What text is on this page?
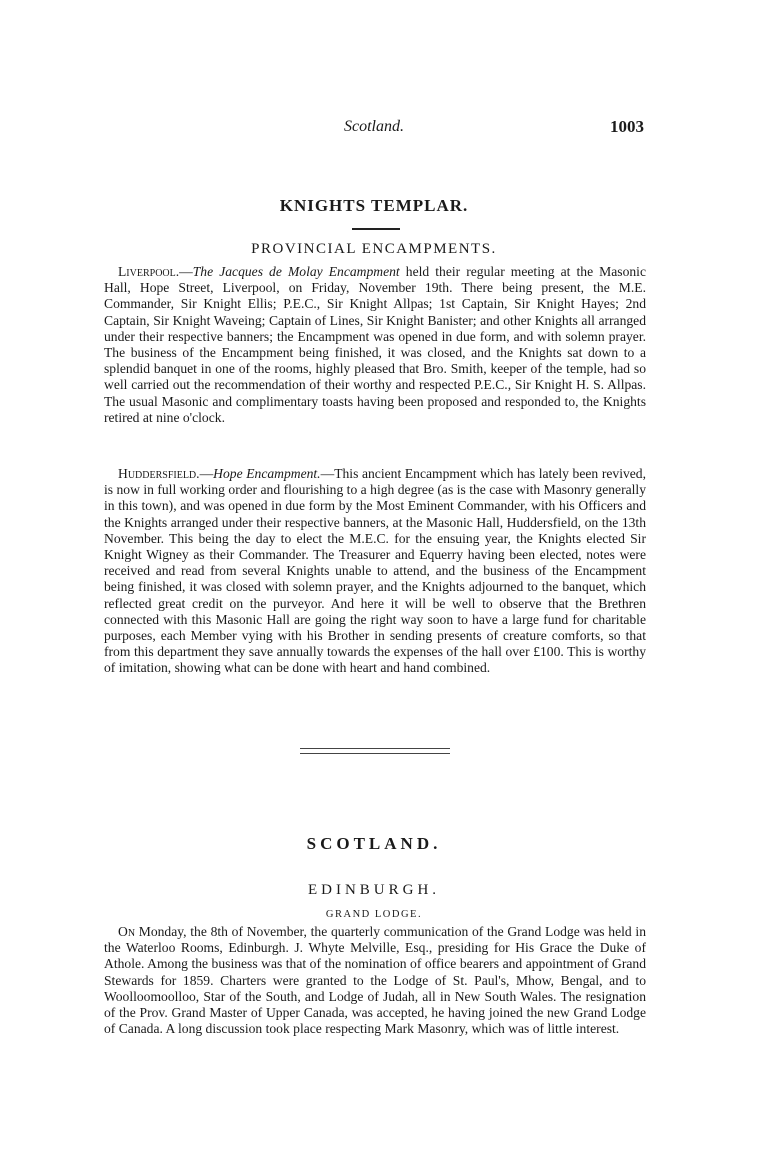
Scotland.	1003
KNIGHTS TEMPLAR.
PROVINCIAL ENCAMPMENTS.

Liverpool.—The Jacques de Molay Encampment held their regular meeting at the Masonic Hall, Hope Street, Liverpool, on Friday, November 19th. There being present, the M.E. Commander, Sir Knight Ellis; P.E.C., Sir Knight Allpas; 1st Captain, Sir Knight Hayes; 2nd Captain, Sir Knight Waveing; Captain of Lines, Sir Knight Banister; and other Knights all arranged under their respective banners; the Encampment was opened in due form, and with solemn prayer. The business of the Encampment being finished, it was closed, and the Knights sat down to a splendid banquet in one of the rooms, highly pleased that Bro. Smith, keeper of the temple, had so well carried out the recommendation of their worthy and respected P.E.C., Sir Knight H. S. Allpas. The usual Masonic and complimentary toasts having been proposed and responded to, the Knights retired at nine o'clock.

Huddersfield.—Hope Encampment.—This ancient Encampment which has lately been revived, is now in full working order and flourishing to a high degree (as is the case with Masonry generally in this town), and was opened in due form by the Most Eminent Commander, with his Officers and the Knights arranged under their respective banners, at the Masonic Hall, Huddersfield, on the 13th November. This being the day to elect the M.E.C. for the ensuing year, the Knights elected Sir Knight Wigney as their Commander. The Treasurer and Equerry having been elected, notes were received and read from several Knights unable to attend, and the business of the Encampment being finished, it was closed with solemn prayer, and the Knights adjourned to the banquet, which reflected great credit on the purveyor. And here it will be well to observe that the Brethren connected with this Masonic Hall are going the right way soon to have a large fund for charitable purposes, each Member vying with his Brother in sending presents of creature comforts, so that from this department they save annually towards the expenses of the hall over £100. This is worthy of imitation, showing what can be done with heart and hand combined.

SCOTLAND.
EDINBURGH.
GRAND LODGE.

On Monday, the 8th of November, the quarterly communication of the Grand Lodge was held in the Waterloo Rooms, Edinburgh. J. Whyte Melville, Esq., presiding for His Grace the Duke of Athole. Among the business was that of the nomination of office bearers and appointment of Grand Stewards for 1859. Charters were granted to the Lodge of St. Paul's, Mhow, Bengal, and to Woolloomoolloo, Star of the South, and Lodge of Judah, all in New South Wales. The resignation of the Prov. Grand Master of Upper Canada, was accepted, he having joined the new Grand Lodge of Canada. A long discussion took place respecting Mark Masonry, which was of little interest.
